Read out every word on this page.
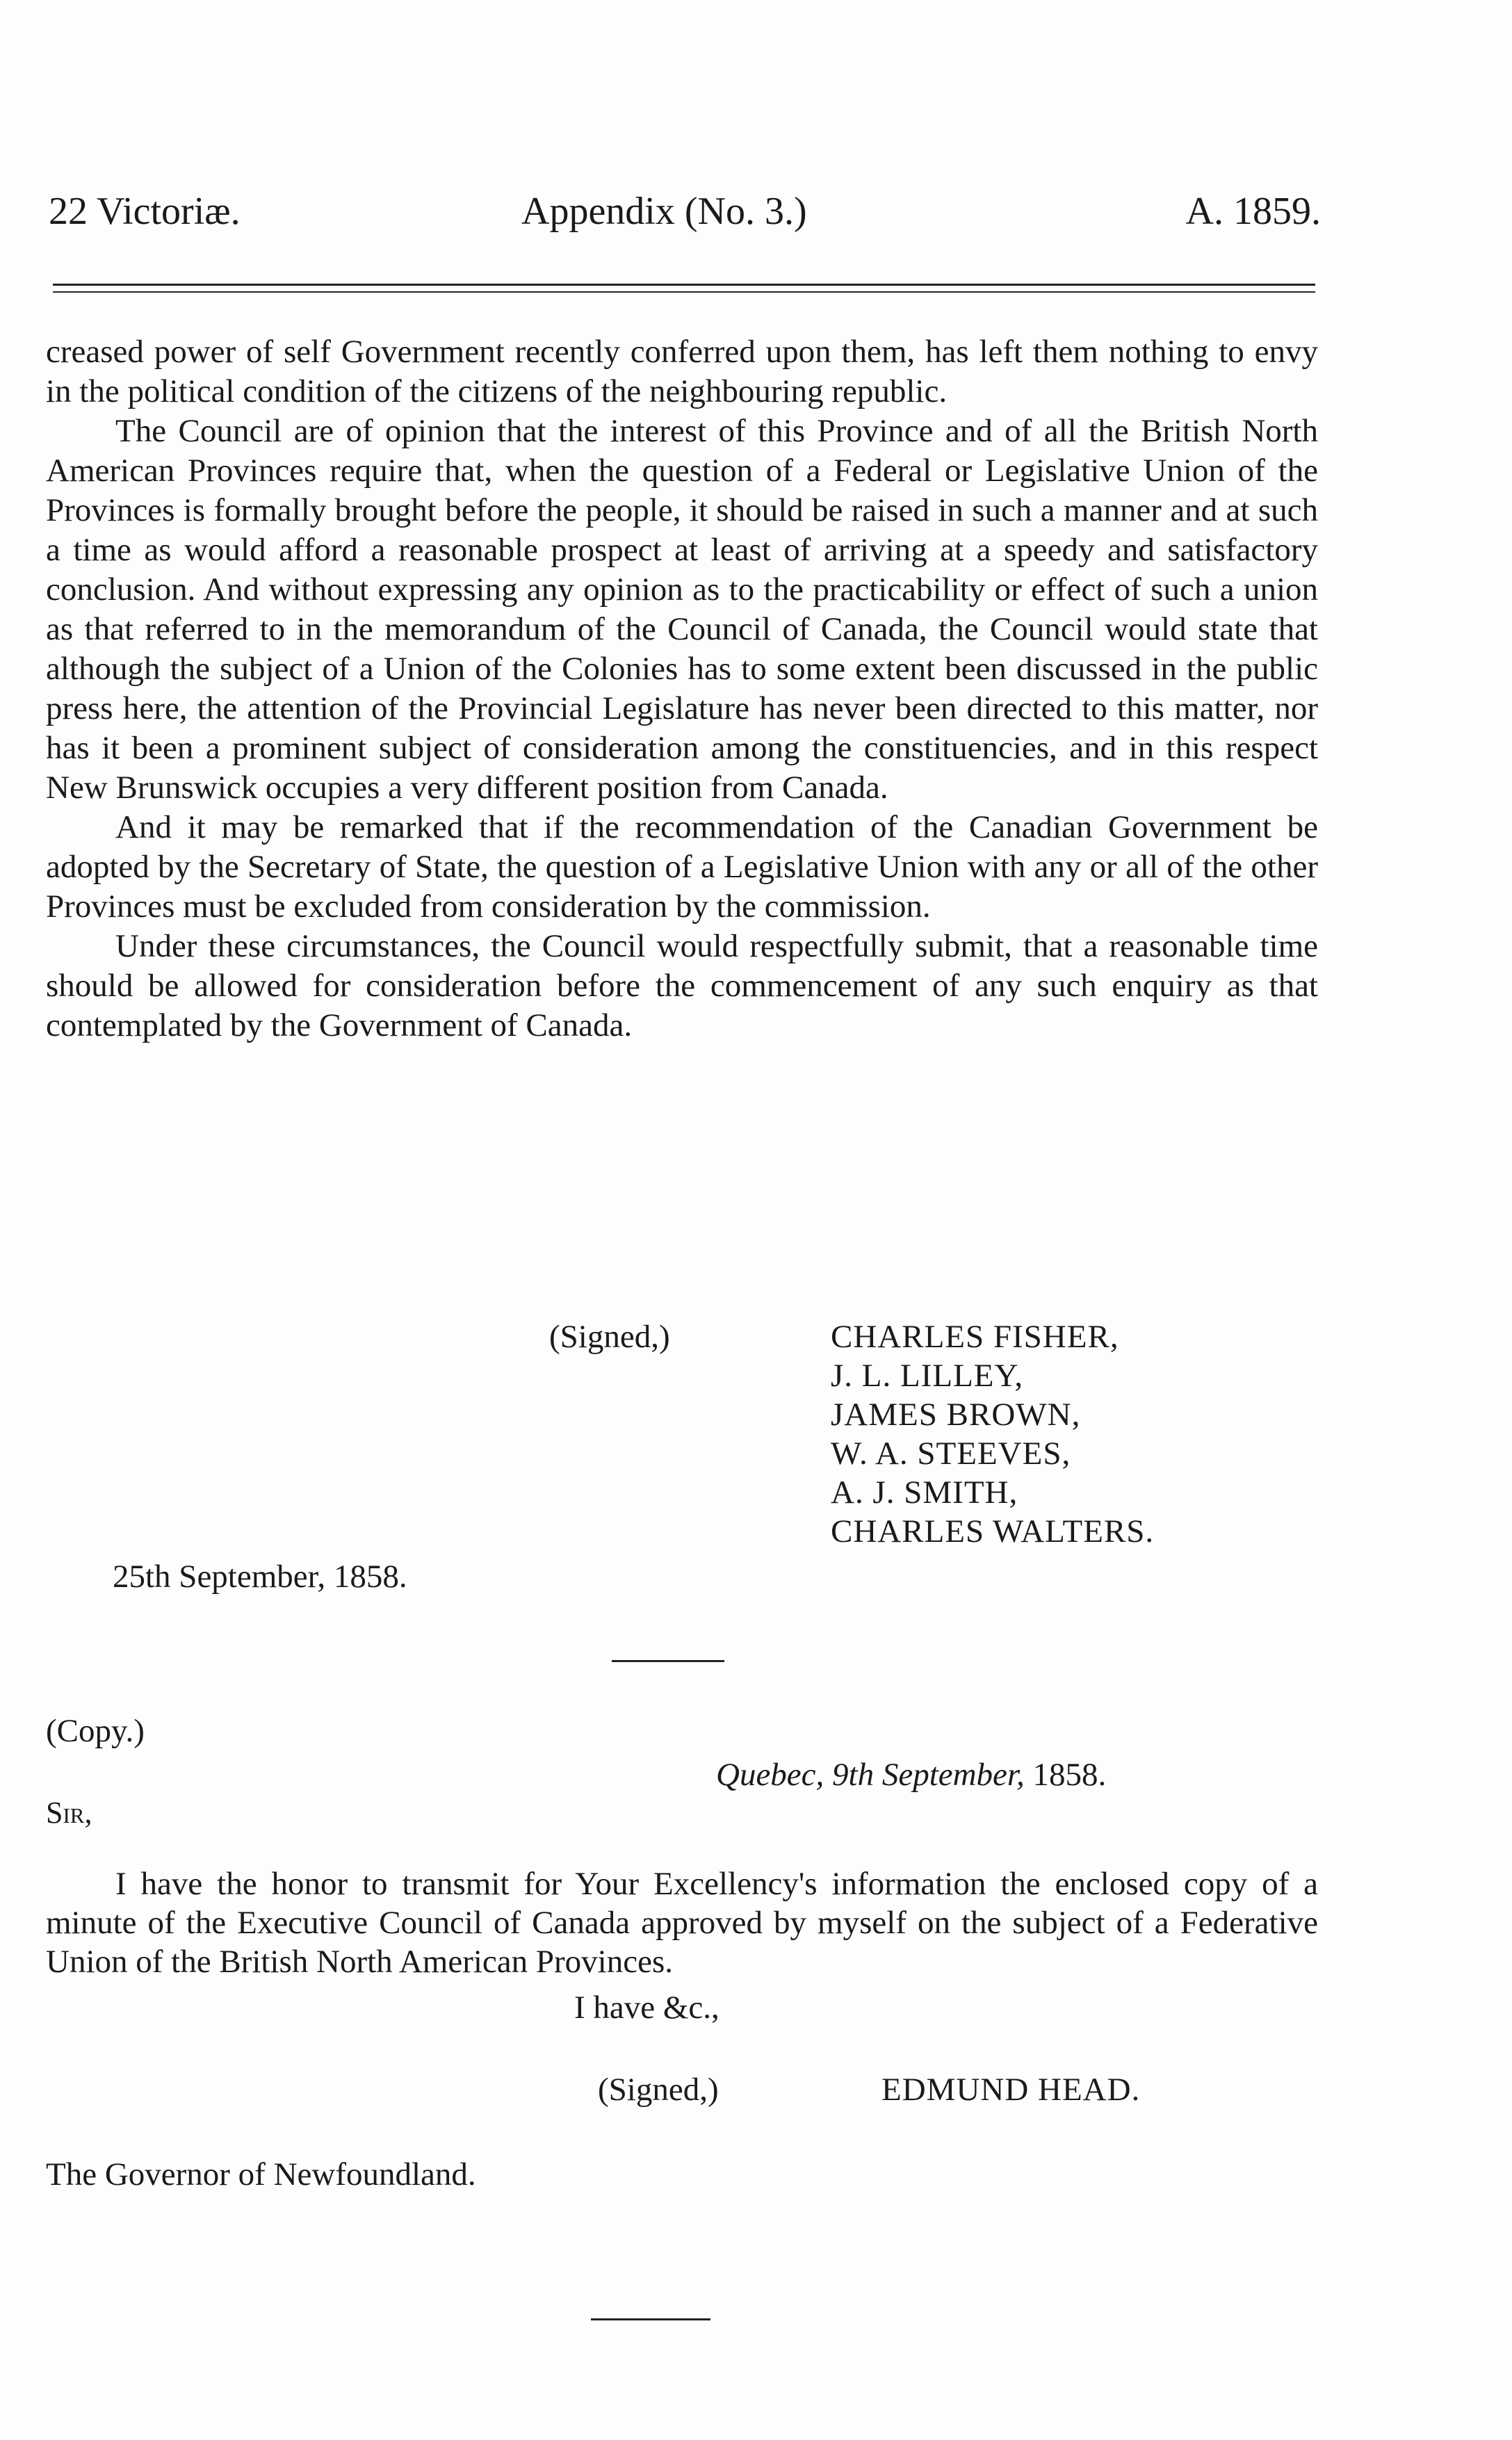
22 Victoriæ.	Appendix (No. 3.)	A. 1859.

creased power of self Government recently conferred upon them, has left them nothing to envy in the political condition of the citizens of the neighbouring republic.

The Council are of opinion that the interest of this Province and of all the British North American Provinces require that, when the question of a Federal or Legislative Union of the Provinces is formally brought before the people, it should be raised in such a manner and at such a time as would afford a reasonable prospect at least of arriving at a speedy and satisfactory conclusion. And without expressing any opinion as to the practicability or effect of such a union as that referred to in the memorandum of the Council of Canada, the Council would state that although the subject of a Union of the Colonies has to some extent been discussed in the public press here, the attention of the Provincial Legislature has never been directed to this matter, nor has it been a prominent subject of consideration among the constituencies, and in this respect New Brunswick occupies a very different position from Canada.

And it may be remarked that if the recommendation of the Canadian Government be adopted by the Secretary of State, the question of a Legislative Union with any or all of the other Provinces must be excluded from consideration by the commission.

Under these circumstances, the Council would respectfully submit, that a reasonable time should be allowed for consideration before the commencement of any such enquiry as that contemplated by the Government of Canada.

(Signed,)	CHARLES FISHER,
J. L. LILLEY,
JAMES BROWN,
W. A. STEEVES,
A. J. SMITH,
CHARLES WALTERS.
25th September, 1858.
(Copy.)
Quebec, 9th September, 1858.
Sir,

I have the honor to transmit for Your Excellency's information the enclosed copy of a minute of the Executive Council of Canada approved by myself on the subject of a Federative Union of the British North American Provinces.

I have &c.,
(Signed,)	EDMUND HEAD.
The Governor of Newfoundland.
